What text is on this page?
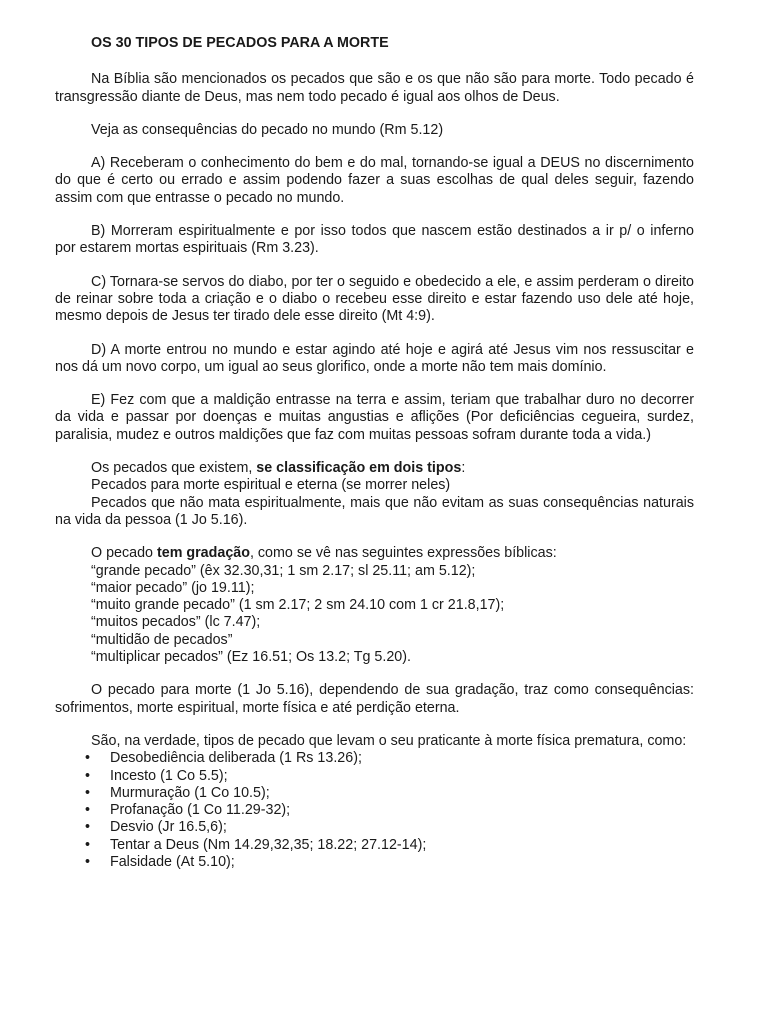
OS 30 TIPOS DE PECADOS PARA A MORTE

Na Bíblia são mencionados os pecados que são e os que não são para morte. Todo pecado é transgressão diante de Deus, mas nem todo pecado é igual aos olhos de Deus.

Veja as consequências do pecado no mundo (Rm 5.12)

A) Receberam o conhecimento do bem e do mal, tornando-se igual a DEUS no discernimento do que é certo ou errado e assim podendo fazer a suas escolhas de qual deles seguir, fazendo assim com que entrasse o pecado no mundo.

B) Morreram espiritualmente e por isso todos que nascem estão destinados a ir p/ o inferno por estarem mortas espirituais (Rm 3.23).

C) Tornara-se servos do diabo, por ter o seguido e obedecido a ele, e assim perderam o direito de reinar sobre toda a criação e o diabo o recebeu esse direito e estar fazendo uso dele até hoje, mesmo depois de Jesus ter tirado dele esse direito (Mt 4:9).

D) A morte entrou no mundo e estar agindo até hoje e agirá até Jesus vim nos ressuscitar e nos dá um novo corpo, um igual ao seus glorifico, onde a morte não tem mais domínio.

E) Fez com que a maldição entrasse na terra e assim, teriam que trabalhar duro no decorrer da vida e passar por doenças e muitas angustias e aflições (Por deficiências cegueira, surdez, paralisia, mudez e outros maldições que faz com muitas pessoas sofram durante toda a vida.)

Os pecados que existem, se classificação em dois tipos:

Pecados para morte espiritual e eterna (se morrer neles)

Pecados que não mata espiritualmente, mais que não evitam as suas consequências naturais na vida da pessoa (1 Jo 5.16).

O pecado tem gradação, como se vê nas seguintes expressões bíblicas:

“grande pecado” (êx 32.30,31; 1 sm 2.17; sl 25.11; am 5.12);

“maior pecado” (jo 19.11);

“muito grande pecado” (1 sm 2.17; 2 sm 24.10 com 1 cr 21.8,17);

“muitos pecados” (lc 7.47);

“multidão de pecados”

“multiplicar pecados” (Ez 16.51; Os 13.2; Tg 5.20).

O pecado para morte (1 Jo 5.16), dependendo de sua gradação, traz como consequências: sofrimentos, morte espiritual, morte física e até perdição eterna.

São, na verdade, tipos de pecado que levam o seu praticante à morte física prematura, como:

• Desobediência deliberada (1 Rs 13.26);
• Incesto (1 Co 5.5);
• Murmuração (1 Co 10.5);
• Profanação (1 Co 11.29-32);
• Desvio (Jr 16.5,6);
• Tentar a Deus (Nm 14.29,32,35; 18.22; 27.12-14);
• Falsidade (At 5.10);
